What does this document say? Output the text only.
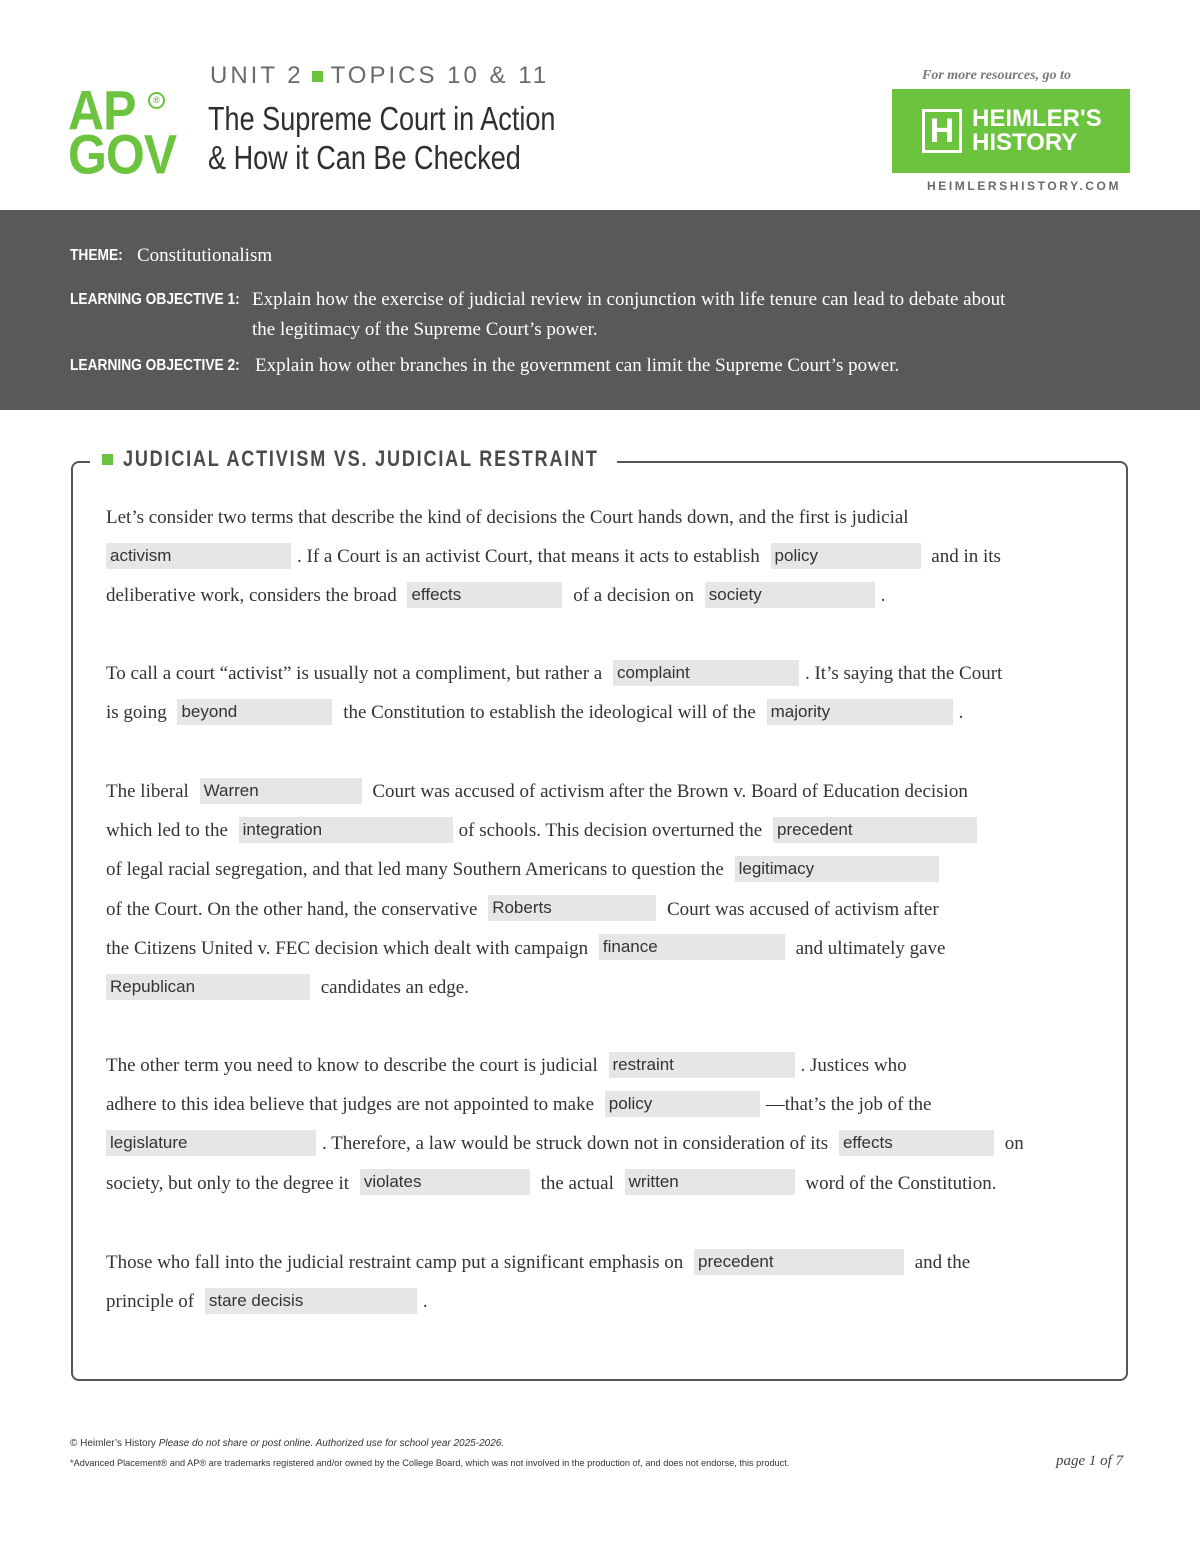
AP	®
GOV
UNIT 2 TOPICS 10 & 11
The Supreme Court in Action
& How it Can Be Checked
For more resources, go to
H HEIMLER'S
HISTORY
HEIMLERSHISTORY.COM
THEME: Constitutionalism
LEARNING OBJECTIVE 1: Explain how the exercise of judicial review in conjunction with life tenure can lead to debate about
the legitimacy of the Supreme Court’s power.
LEARNING OBJECTIVE 2: Explain how other branches in the government can limit the Supreme Court’s power.
JUDICIAL ACTIVISM VS. JUDICIAL RESTRAINT
Let’s consider two terms that describe the kind of decisions the Court hands down, and the first is judicial
activism	. If a Court is an activist Court, that means it acts to establish policy	and in its
deliberative work, considers the broad effects	of a decision on society	.
To call a court “activist” is usually not a compliment, but rather a complaint	. It’s saying that the Court
is going beyond	the Constitution to establish the ideological will of the majority	.
The liberal Warren	Court was accused of activism after the Brown v. Board of Education decision
which led to the integration	of schools. This decision overturned the precedent
of legal racial segregation, and that led many Southern Americans to question the legitimacy
of the Court. On the other hand, the conservative Roberts	Court was accused of activism after
the Citizens United v. FEC decision which dealt with campaign finance	and ultimately gave
Republican	candidates an edge.
The other term you need to know to describe the court is judicial restraint	. Justices who
adhere to this idea believe that judges are not appointed to make policy	—that’s the job of the
legislature	. Therefore, a law would be struck down not in consideration of its effects	on
society, but only to the degree it violates	the actual written	word of the Constitution.
Those who fall into the judicial restraint camp put a significant emphasis on precedent	and the
principle of stare decisis	.
© Heimler’s History Please do not share or post online. Authorized use for school year 2025-2026.
*Advanced Placement® and AP® are trademarks registered and/or owned by the College Board, which was not involved in the production of, and does not endorse, this product.	page 1 of 7
